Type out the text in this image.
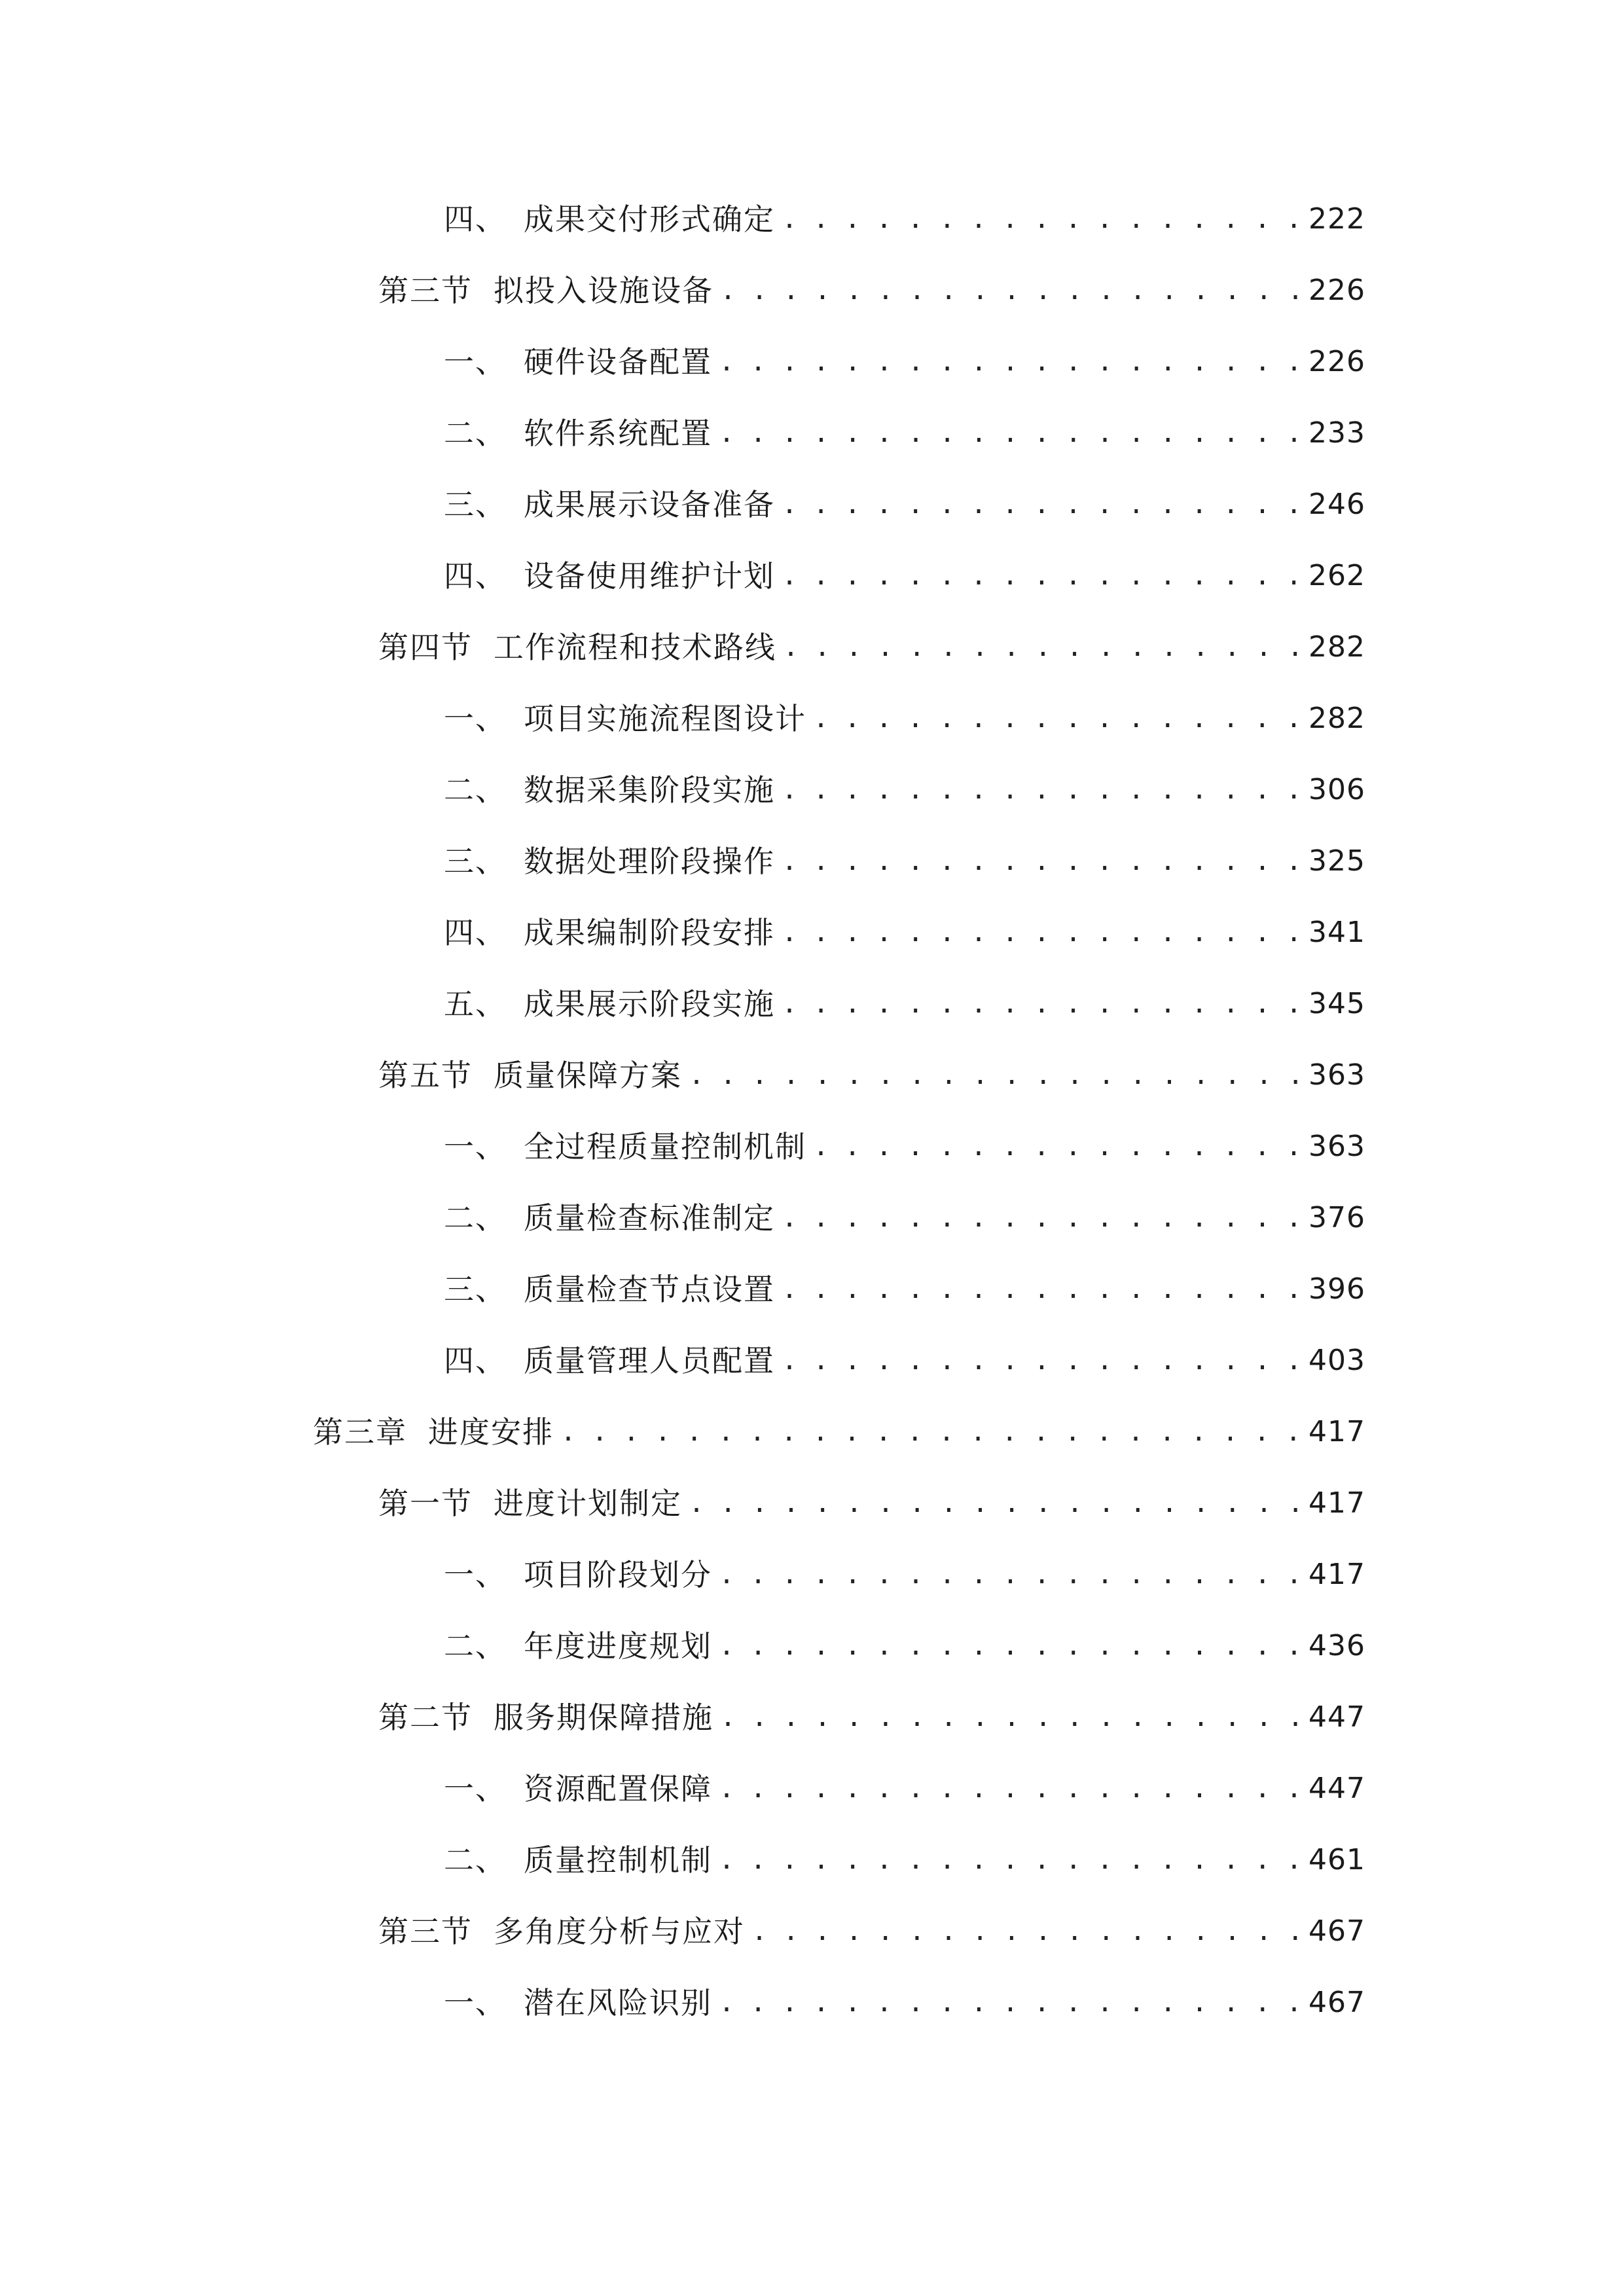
四、 成果交付形式确定 . . .	222
第三节 拟投入设施设备 . . .	226
一、 硬件设备配置 . . .	226
二、 软件系统配置 . . .	233
三、 成果展示设备准备 . . .	246
四、 设备使用维护计划 . . .	262
第四节 工作流程和技术路线 . . .	282
一、 项目实施流程图设计 . . .	282
二、 数据采集阶段实施 . . .	306
三、 数据处理阶段操作 . . .	325
四、 成果编制阶段安排 . . .	341
五、 成果展示阶段实施 . . .	345
第五节 质量保障方案 . . .	363
一、 全过程质量控制机制 . . .	363
二、 质量检查标准制定 . . .	376
三、 质量检查节点设置 . . .	396
四、 质量管理人员配置 . . .	403
第三章 进度安排 . . .	417
第一节 进度计划制定 . . .	417
一、 项目阶段划分 . . .	417
二、 年度进度规划 . . .	436
第二节 服务期保障措施 . . .	447
一、 资源配置保障 . . .	447
二、 质量控制机制 . . .	461
第三节 多角度分析与应对 . . .	467
一、 潜在风险识别 . . .	467
